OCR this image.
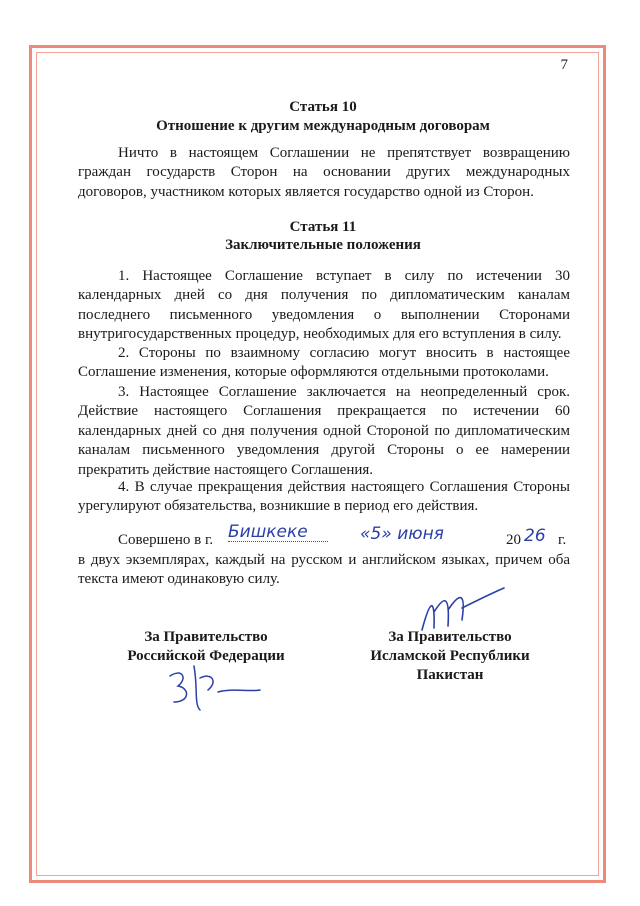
7
Статья 10
Отношение к другим международным договорам
Ничто в настоящем Соглашении не препятствует возвращению граждан государств Сторон на основании других международных договоров, участником которых является государство одной из Сторон.
Статья 11
Заключительные положения
1. Настоящее Соглашение вступает в силу по истечении 30 календарных дней со дня получения по дипломатическим каналам последнего письменного уведомления о выполнении Сторонами внутригосударственных процедур, необходимых для его вступления в силу.
2. Стороны по взаимному согласию могут вносить в настоящее Соглашение изменения, которые оформляются отдельными протоколами.
3. Настоящее Соглашение заключается на неопределенный срок. Действие настоящего Соглашения прекращается по истечении 60 календарных дней со дня получения одной Стороной по дипломатическим каналам письменного уведомления другой Стороны о ее намерении прекратить действие настоящего Соглашения.
4. В случае прекращения действия настоящего Соглашения Стороны урегулируют обязательства, возникшие в период его действия.
Совершено в г. Бишкеке	«5» июня	20 26 г.
в двух экземплярах, каждый на русском и английском языках, причем оба текста имеют одинаковую силу.
За Правительство
Российской Федерации
За Правительство
Исламской Республики
Пакистан
